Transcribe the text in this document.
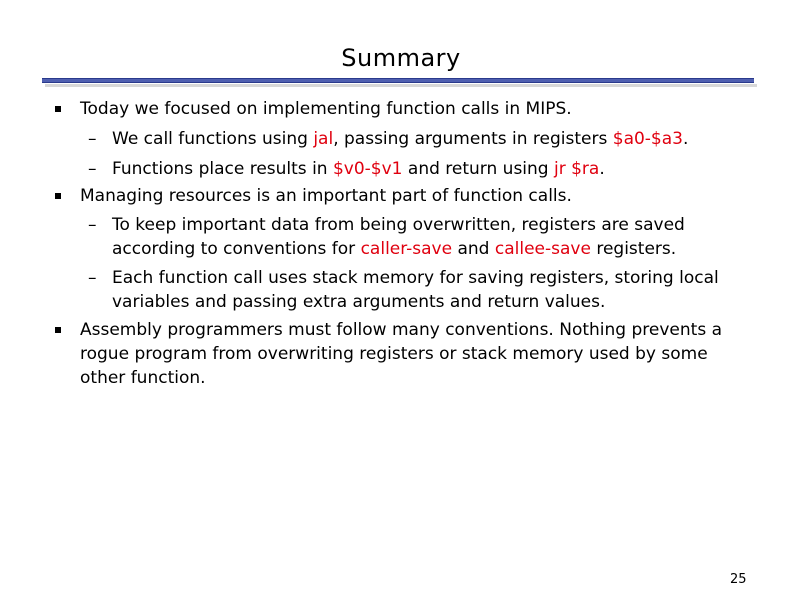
Summary
Today we focused on implementing function calls in MIPS.
– We call functions using jal, passing arguments in registers $a0-$a3.
– Functions place results in $v0-$v1 and return using jr $ra.
Managing resources is an important part of function calls.
– To keep important data from being overwritten, registers are saved
according to conventions for caller-save and callee-save registers.
– Each function call uses stack memory for saving registers, storing local
variables and passing extra arguments and return values.
Assembly programmers must follow many conventions. Nothing prevents a
rogue program from overwriting registers or stack memory used by some
other function.
25
